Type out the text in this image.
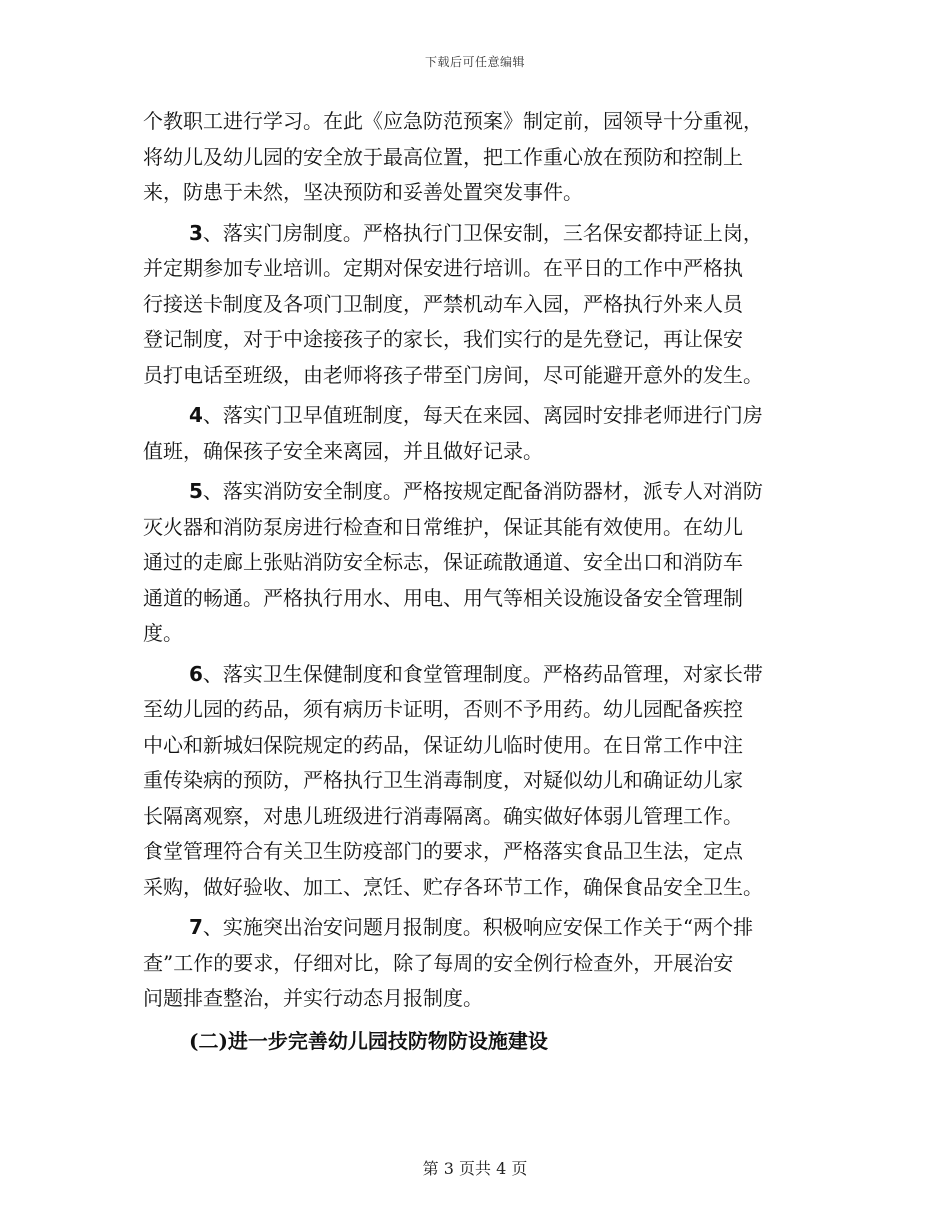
下载后可任意编辑
个教职工进行学习。在此《应急防范预案》制定前，园领导十分重视，
将幼儿及幼儿园的安全放于最高位置，把工作重心放在预防和控制上
来，防患于未然，坚决预防和妥善处置突发事件。
3、落实门房制度。严格执行门卫保安制，三名保安都持证上岗，
并定期参加专业培训。定期对保安进行培训。在平日的工作中严格执
行接送卡制度及各项门卫制度，严禁机动车入园，严格执行外来人员
登记制度，对于中途接孩子的家长，我们实行的是先登记，再让保安
员打电话至班级，由老师将孩子带至门房间，尽可能避开意外的发生。
4、落实门卫早值班制度，每天在来园、离园时安排老师进行门房
值班，确保孩子安全来离园，并且做好记录。
5、落实消防安全制度。严格按规定配备消防器材，派专人对消防
灭火器和消防泵房进行检查和日常维护，保证其能有效使用。在幼儿
通过的走廊上张贴消防安全标志，保证疏散通道、安全出口和消防车
通道的畅通。严格执行用水、用电、用气等相关设施设备安全管理制
度。
6、落实卫生保健制度和食堂管理制度。严格药品管理，对家长带
至幼儿园的药品，须有病历卡证明，否则不予用药。幼儿园配备疾控
中心和新城妇保院规定的药品，保证幼儿临时使用。在日常工作中注
重传染病的预防，严格执行卫生消毒制度，对疑似幼儿和确证幼儿家
长隔离观察，对患儿班级进行消毒隔离。确实做好体弱儿管理工作。
食堂管理符合有关卫生防疫部门的要求，严格落实食品卫生法，定点
采购，做好验收、加工、烹饪、贮存各环节工作，确保食品安全卫生。
7、实施突出治安问题月报制度。积极响应安保工作关于“两个排
查”工作的要求，仔细对比，除了每周的安全例行检查外，开展治安
问题排查整治，并实行动态月报制度。
(二)进一步完善幼儿园技防物防设施建设
第 3 页共 4 页
